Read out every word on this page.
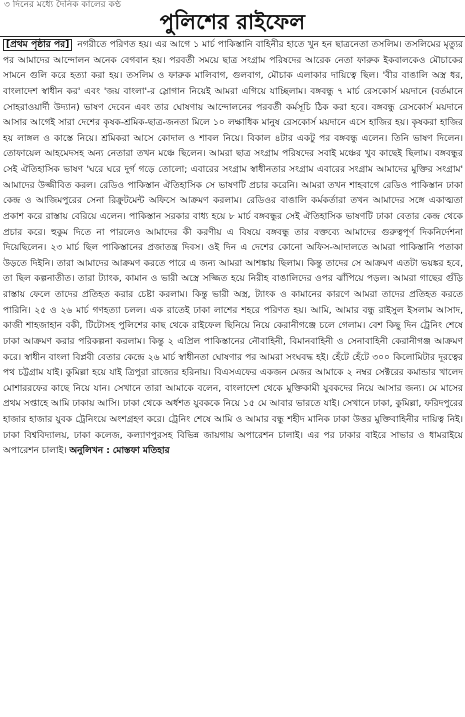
৩ দিনের মধ্যে দৈনিক কালের কণ্ঠ
পুলিশের রাইফেল
[প্রথম পৃষ্ঠার পর] নগরীতে পরিণত হয়। এর আগে ১ মার্চ পাকিস্তানি বাহিনীর হাতে খুন হন ছাত্রনেতা তসলিম। তসলিমের মৃত্যুর পর আমাদের আন্দোলন অনেক বেগবান হয়। পরবর্তী সময়ে ছাত্র সংগ্রাম পরিষদের আরেক নেতা ফারুক ইকবালকেও মৌচাকের সামনে গুলি করে হত্যা করা হয়। তসলিম ও ফারুক মালিবাগ, গুলবাগ, মৌচাক এলাকার দায়িত্বে ছিল। 'বীর বাঙালি অস্ত্র ধর, বাংলাদেশ স্বাধীন কর' এবং 'জয় বাংলা'-র স্লোগান নিয়েই আমরা এগিয়ে যাচ্ছিলাম। বঙ্গবন্ধু ৭ মার্চ রেসকোর্স ময়দানে (বর্তমানে সোহরাওয়ার্দী উদ্যান) ভাষণ দেবেন এবং তার ঘোষণায় আন্দোলনের পরবর্তী কর্মসূচি ঠিক করা হবে। বঙ্গবন্ধু রেসকোর্স ময়দানে আসার আগেই সারা দেশের কৃষক-শ্রমিক-ছাত্র-জনতা মিলে ১০ লক্ষাধিক মানুষ রেসকোর্স ময়দানে এসে হাজির হয়। কৃষকরা হাজির হয় লাঙ্গল ও কাস্তে নিয়ে। শ্রমিকরা আসে কোদাল ও শাবল নিয়ে। বিকাল ৪টার একটু পর বঙ্গবন্ধু এলেন। তিনি ভাষণ দিলেন। তোফায়েল আহমেদসহ অন্য নেতারা তখন মঞ্চে ছিলেন। আমরা ছাত্র সংগ্রাম পরিষদের সবাই মঞ্চের খুব কাছেই ছিলাম। বঙ্গবন্ধুর সেই ঐতিহাসিক ভাষণ 'ঘরে ঘরে দুর্গ গড়ে তোলো; এবারের সংগ্রাম স্বাধীনতার সংগ্রাম এবারের সংগ্রাম আমাদের মুক্তির সংগ্রাম' আমাদের উজ্জীবিত করল। রেডিও পাকিস্তান ঐতিহাসিক সে ভাষণটি প্রচার করেনি। আমরা তখন শাহবাগে রেডিও পাকিস্তান ঢাকা কেন্দ্র ও আজিমপুরের সেনা রিক্রুটমেন্ট অফিসে আক্রমণ করলাম। রেডিওর বাঙালি কর্মকর্তারা তখন আমাদের সঙ্গে একাত্মতা প্রকাশ করে রাস্তায় বেরিয়ে এলেন। পাকিস্তান সরকার বাধ্য হয়ে ৮ মার্চ বঙ্গবন্ধুর সেই ঐতিহাসিক ভাষণটি ঢাকা বেতার কেন্দ্র থেকে প্রচার করে। হুকুম দিতে না পারলেও আমাদের কী করণীয় এ বিষয়ে বঙ্গবন্ধু তার বক্তব্যে আমাদের গুরুত্বপূর্ণ দিকনির্দেশনা দিয়েছিলেন। ২৩ মার্চ ছিল পাকিস্তানের প্রজাতন্ত্র দিবস। ওই দিন এ দেশের কোনো অফিস-আদালতে আমরা পাকিস্তানি পতাকা উড়তে দিইনি। তারা আমাদের আক্রমণ করতে পারে এ জন্য আমরা আশঙ্কায় ছিলাম। কিন্তু তাদের সে আক্রমণ এতটা ভয়ঙ্কর হবে, তা ছিল কল্পনাতীত। তারা ট্যাংক, কামান ও ভারী অস্ত্রে সজ্জিত হয়ে নিরীহ বাঙালিদের ওপর ঝাঁপিয়ে পড়ল। আমরা গাছের গুঁড়ি রাস্তায় ফেলে তাদের প্রতিহত করার চেষ্টা করলাম। কিন্তু ভারী অস্ত্র, ট্যাংক ও কামানের কারণে আমরা তাদের প্রতিহত করতে পারিনি। ২৫ ও ২৬ মার্চ গণহত্যা চলল। এক রাতেই ঢাকা লাশের শহরে পরিণত হয়। আমি, আমার বন্ধু রাইসুল ইসলাম আসাদ, কাজী শাহজাহান বকী, টিটোসহ পুলিশের কাছ থেকে রাইফেল ছিনিয়ে নিয়ে কেরানীগঞ্জে চলে গেলাম। বেশ কিছু দিন ট্রেনিং শেষে ঢাকা আক্রমণ করার পরিকল্পনা করলাম। কিন্তু ২ এপ্রিল পাকিস্তানের নৌবাহিনী, বিমানবাহিনী ও সেনাবাহিনী কেরানীগঞ্জ আক্রমণ করে। স্বাধীন বাংলা বিপ্লবী বেতার কেন্দ্রে ২৬ মার্চ স্বাধীনতা ঘোষণার পর আমরা সংঘবদ্ধ হই। হেঁটে হেঁটে ৩০০ কিলোমিটার দূরত্বের পথ চট্টগ্রাম যাই। কুমিল্লা হয়ে যাই ত্রিপুরা রাজ্যের হরিনায়। বিএসএফের একজন মেজর আমাকে ২ নম্বর সেক্টরের কমান্ডার খালেদ মোশাররফের কাছে নিয়ে যান। সেখানে তারা আমাকে বলেন, বাংলাদেশ থেকে মুক্তিকামী যুবকদের নিয়ে আসার জন্য। মে মাসের প্রথম সপ্তাহে আমি ঢাকায় আসি। ঢাকা থেকে অর্ধশত যুবককে নিয়ে ১৫ মে আবার ভারতে যাই। সেখানে ঢাকা, কুমিল্লা, ফরিদপুরের হাজার হাজার যুবক ট্রেনিংয়ে অংশগ্রহণ করে। ট্রেনিং শেষে আমি ও আমার বন্ধু শহীদ মানিক ঢাকা উত্তর মুক্তিবাহিনীর দায়িত্ব নিই। ঢাকা বিশ্ববিদ্যালয়, ঢাকা কলেজ, কল্যাণপুরসহ বিভিন্ন জায়গায় অপারেশন চালাই। এর পর ঢাকার বাইরে সাভার ও ধামরাইয়ে অপারেশন চালাই। অনুলিখন : মোস্তফা মতিহার
